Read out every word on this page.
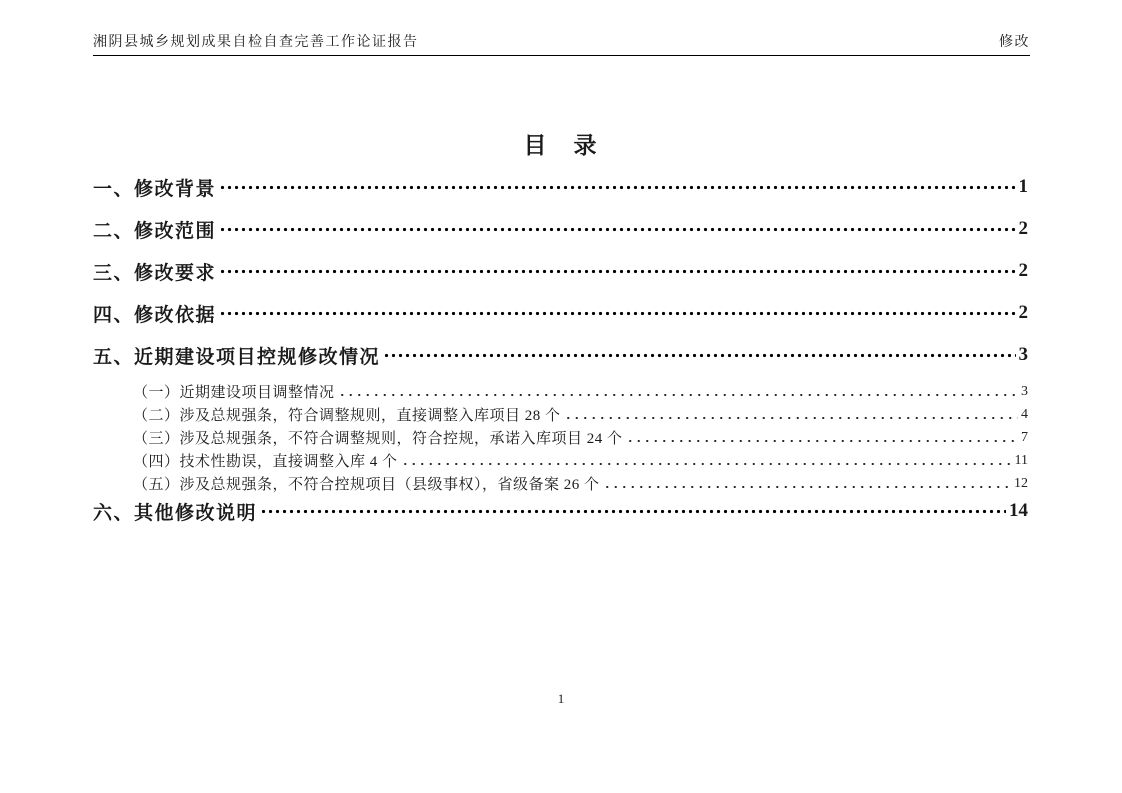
湘阴县城乡规划成果自检自查完善工作论证报告	修改
目　录
一、修改背景	1
二、修改范围	2
三、修改要求	2
四、修改依据	2
五、近期建设项目控规修改情况	3
（一）近期建设项目调整情况	3
（二）涉及总规强条，符合调整规则，直接调整入库项目 28 个	4
（三）涉及总规强条，不符合调整规则，符合控规，承诺入库项目 24 个	7
（四）技术性勘误，直接调整入库 4 个	11
（五）涉及总规强条，不符合控规项目（县级事权），省级备案 26 个	12
六、其他修改说明	14
1
